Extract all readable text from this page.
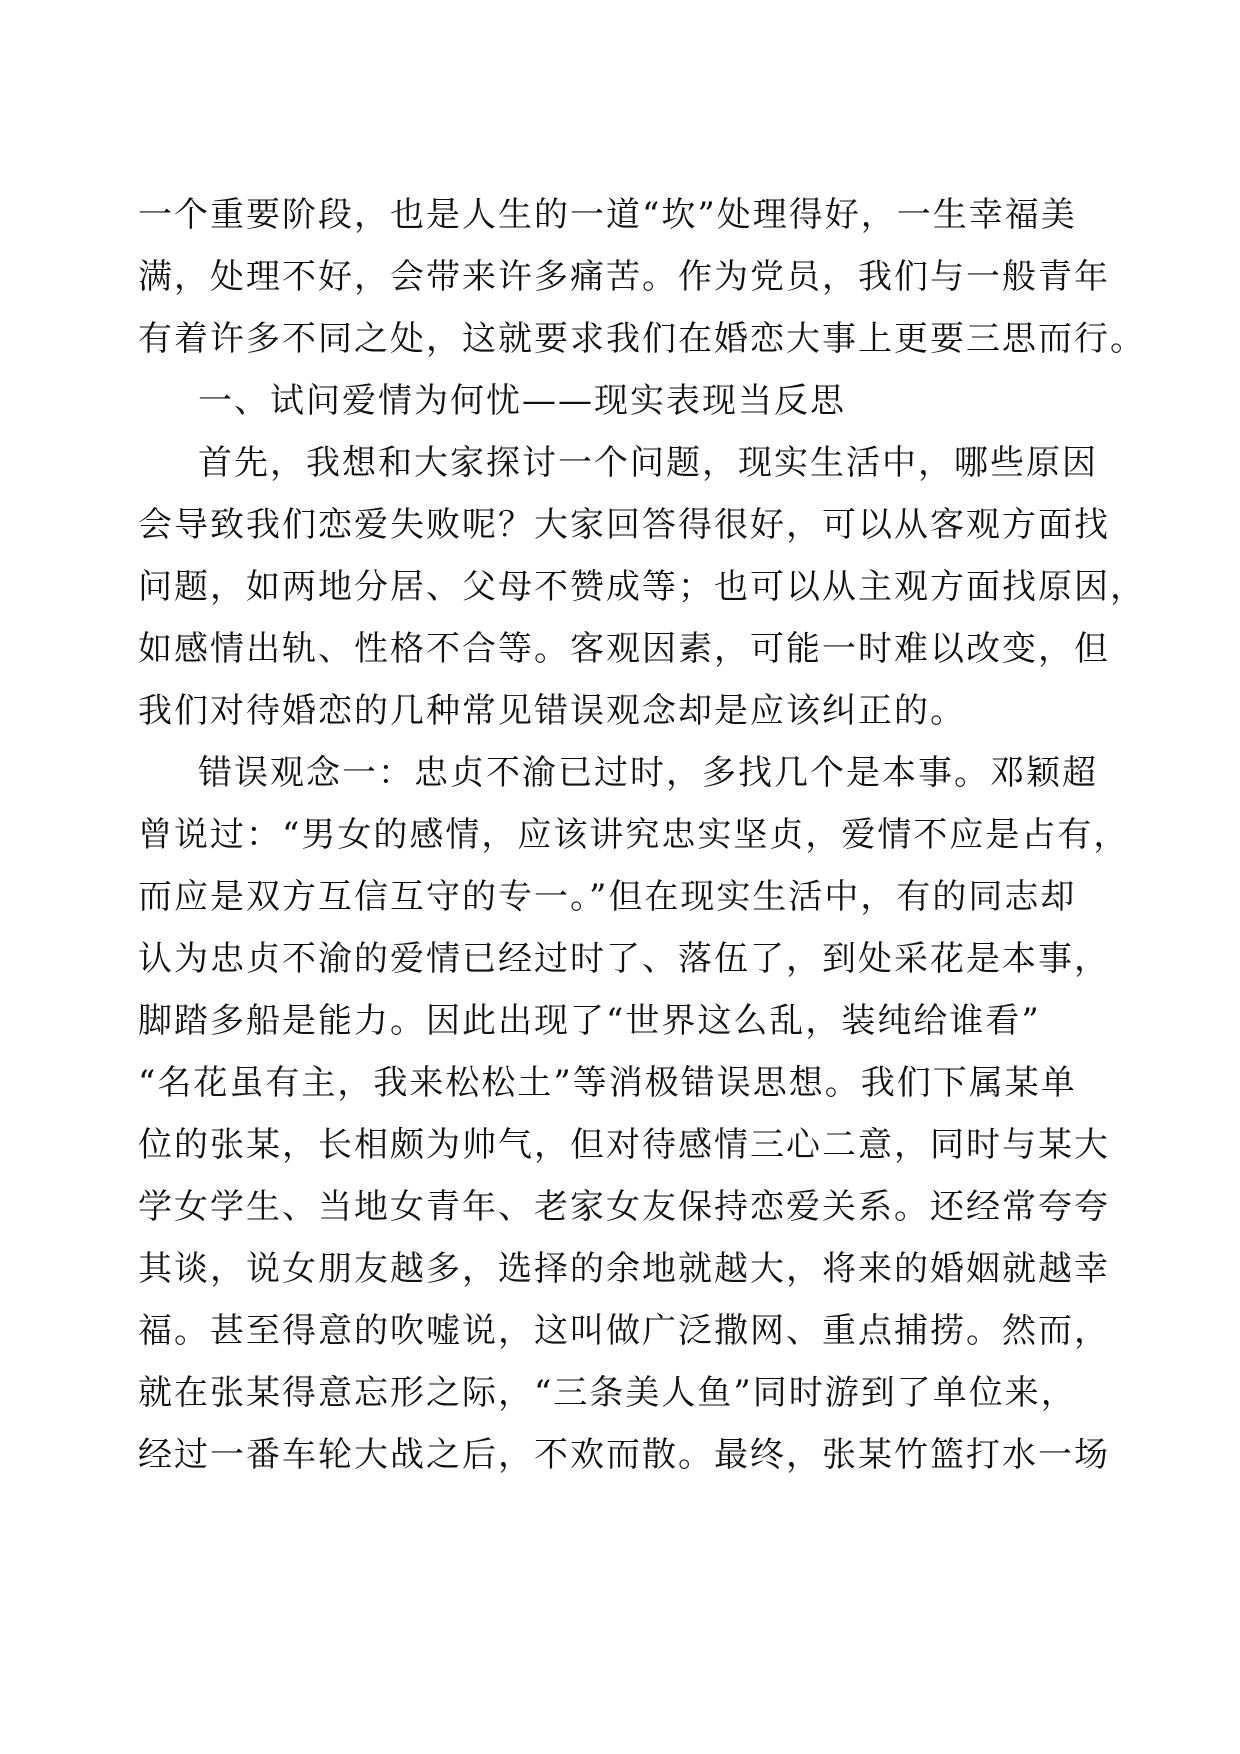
一个重要阶段，也是人生的一道“坎”处理得好，一生幸福美
满，处理不好，会带来许多痛苦。作为党员，我们与一般青年
有着许多不同之处，这就要求我们在婚恋大事上更要三思而行。
一、试问爱情为何忧——现实表现当反思
首先，我想和大家探讨一个问题，现实生活中，哪些原因
会导致我们恋爱失败呢？大家回答得很好，可以从客观方面找
问题，如两地分居、父母不赞成等；也可以从主观方面找原因，
如感情出轨、性格不合等。客观因素，可能一时难以改变，但
我们对待婚恋的几种常见错误观念却是应该纠正的。
错误观念一：忠贞不渝已过时，多找几个是本事。邓颖超
曾说过：“男女的感情，应该讲究忠实坚贞，爱情不应是占有，
而应是双方互信互守的专一。”但在现实生活中，有的同志却
认为忠贞不渝的爱情已经过时了、落伍了，到处采花是本事，
脚踏多船是能力。因此出现了“世界这么乱，装纯给谁看”
“名花虽有主，我来松松土”等消极错误思想。我们下属某单
位的张某，长相颇为帅气，但对待感情三心二意，同时与某大
学女学生、当地女青年、老家女友保持恋爱关系。还经常夸夸
其谈，说女朋友越多，选择的余地就越大，将来的婚姻就越幸
福。甚至得意的吹嘘说，这叫做广泛撒网、重点捕捞。然而，
就在张某得意忘形之际，“三条美人鱼”同时游到了单位来，
经过一番车轮大战之后，不欢而散。最终，张某竹篮打水一场
